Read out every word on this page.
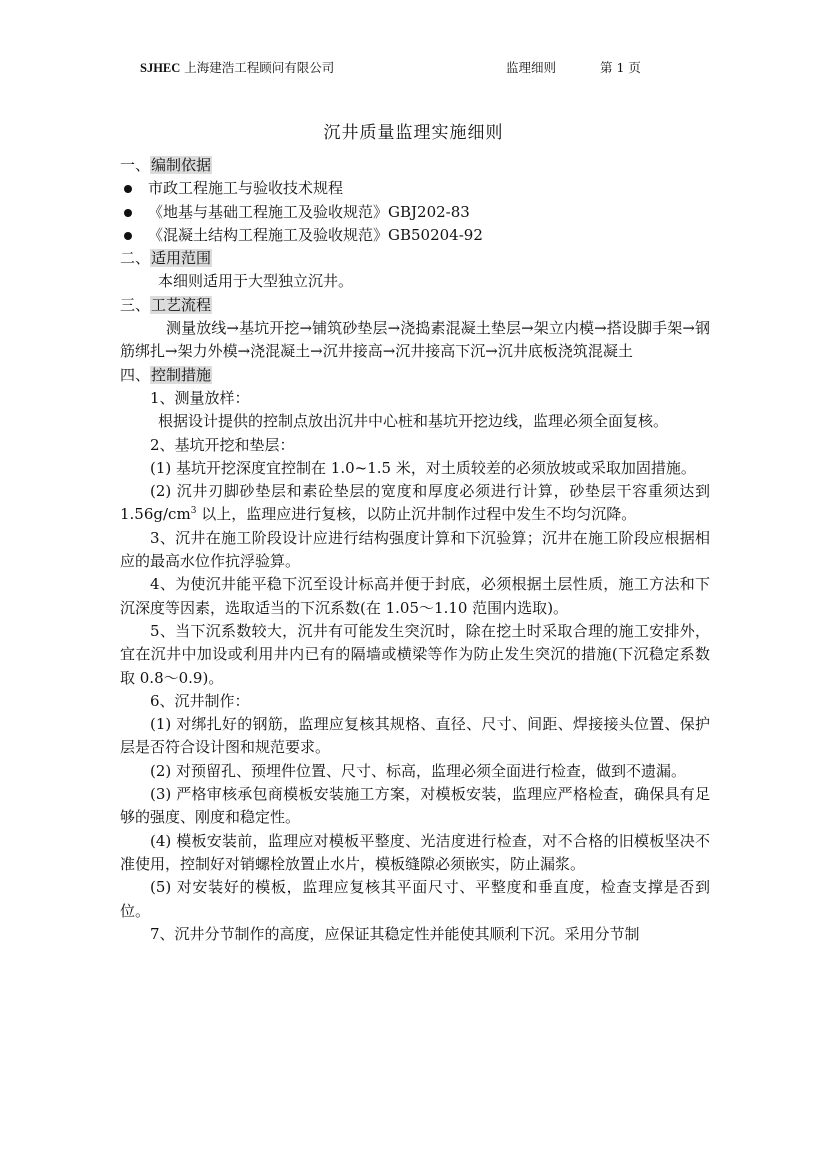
SJHEC 上海建浩工程顾问有限公司	监理细则	第 1 页
沉井质量监理实施细则

一、编制依据

市政工程施工与验收技术规程

《地基与基础工程施工及验收规范》GBJ202-83

《混凝土结构工程施工及验收规范》GB50204-92

二、适用范围

本细则适用于大型独立沉井。

三、工艺流程

测量放线→基坑开挖→铺筑砂垫层→浇捣素混凝土垫层→架立内模→搭设脚手架→钢筋绑扎→架力外模→浇混凝土→沉井接高→沉井接高下沉→沉井底板浇筑混凝土

四、控制措施

1、测量放样：

根据设计提供的控制点放出沉井中心桩和基坑开挖边线，监理必须全面复核。

2、基坑开挖和垫层：

(1) 基坑开挖深度宜控制在 1.0~1.5 米，对土质较差的必须放坡或采取加固措施。

(2) 沉井刃脚砂垫层和素砼垫层的宽度和厚度必须进行计算，砂垫层干容重须达到 $1.56g/cm^3$ 以上，监理应进行复核，以防止沉井制作过程中发生不均匀沉降。

3、沉井在施工阶段设计应进行结构强度计算和下沉验算；沉井在施工阶段应根据相应的最高水位作抗浮验算。

4、为使沉井能平稳下沉至设计标高并便于封底，必须根据土层性质，施工方法和下沉深度等因素，选取适当的下沉系数(在 1.05～1.10 范围内选取)。

5、当下沉系数较大，沉井有可能发生突沉时，除在挖土时采取合理的施工安排外，宜在沉井中加设或利用井内已有的隔墙或横梁等作为防止发生突沉的措施(下沉稳定系数取 0.8～0.9)。

6、沉井制作：

(1) 对绑扎好的钢筋，监理应复核其规格、直径、尺寸、间距、焊接接头位置、保护层是否符合设计图和规范要求。

(2) 对预留孔、预埋件位置、尺寸、标高，监理必须全面进行检查，做到不遗漏。

(3) 严格审核承包商模板安装施工方案，对模板安装，监理应严格检查，确保具有足够的强度、刚度和稳定性。

(4) 模板安装前，监理应对模板平整度、光洁度进行检查，对不合格的旧模板坚决不准使用，控制好对销螺栓放置止水片，模板缝隙必须嵌实，防止漏浆。

(5) 对安装好的模板，监理应复核其平面尺寸、平整度和垂直度，检查支撑是否到位。

7、沉井分节制作的高度，应保证其稳定性并能使其顺利下沉。采用分节制
